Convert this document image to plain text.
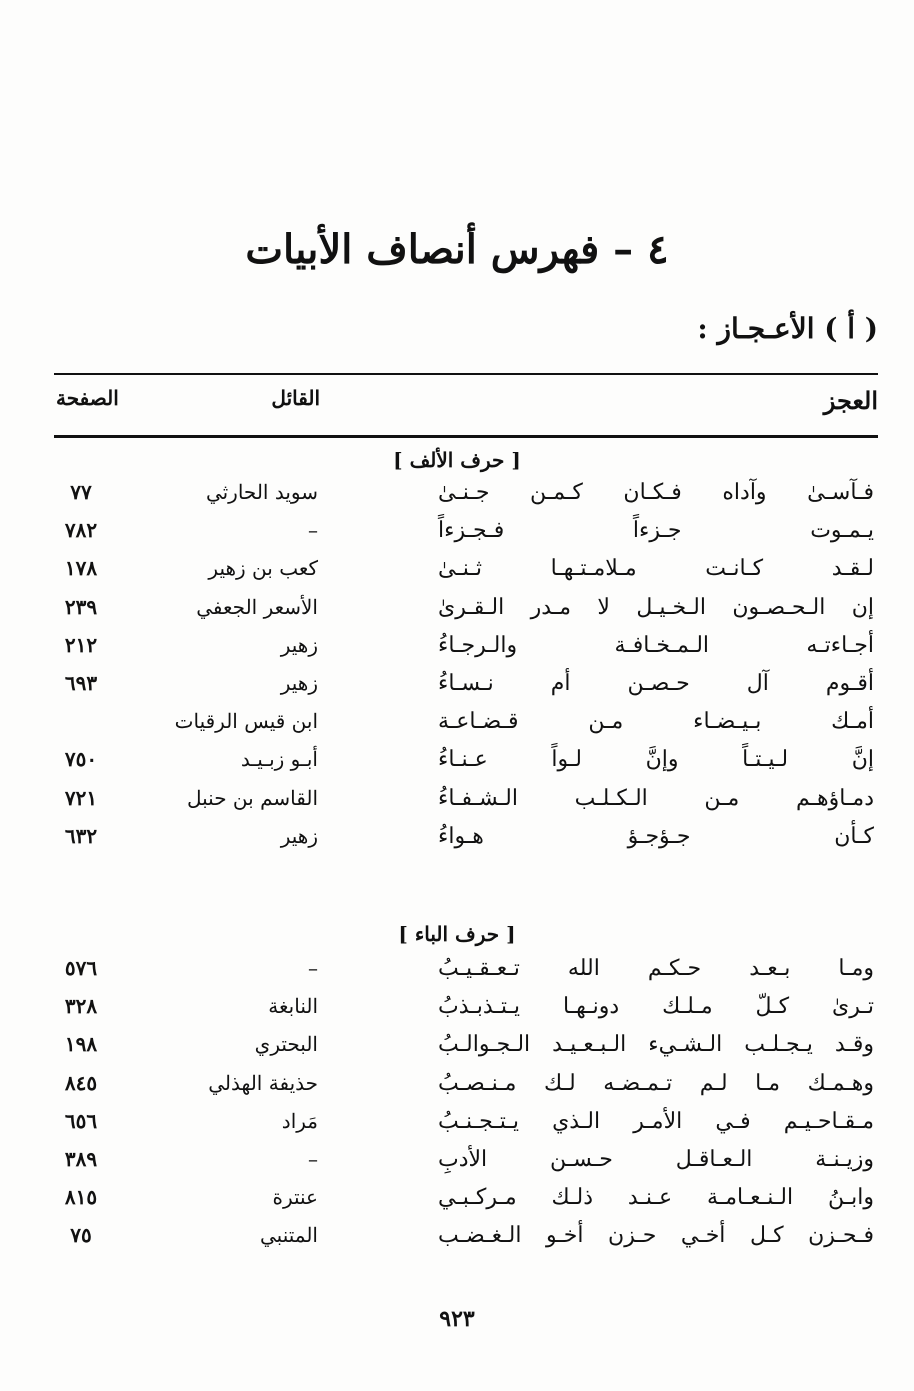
٤ – فهرس أنصاف الأبيات
( أ ) الأعـجـاز :
العجز
القائل
الصفحة
[ حرف الألف ]
فـآسـىٰ وآداه فـكـان كـمـن جـنـىٰ
سويد الحارثي
٧٧
يـمـوت جـزءاً فـجـزءاً
–
٧٨٢
لـقـد كـانـت مـلامـتـهـا ثـنـىٰ
كعب بن زهير
١٧٨
إن الـحـصـون الـخـيـل لا مـدر الـقـرىٰ
الأسعر الجعفي
٢٣٩
أجـاءتـه الـمـخـافـة والـرجـاءُ
زهير
٢١٢
أقـوم آل حـصـن أم نـسـاءُ
زهير
٦٩٣
أمـك بـيـضـاء مـن قـضـاعـة
ابن قيس الرقيات
إنَّ لـيـتـاً وإنَّ لـواً عـنـاءُ
أبـو زبـيـد
٧٥٠
دمـاؤهـم مـن الـكـلـب الـشـفـاءُ
القاسم بن حنبل
٧٢١
كـأن جـؤجـؤ هـواءُ
زهير
٦٣٢
[ حرف الباء ]
ومـا بـعـد حـكـم الله تـعـقـيـبُ
–
٥٧٦
تـرىٰ كـلّ مـلـك دونـهـا يـتـذبـذبُ
النابغة
٣٢٨
وقـد يـجـلـب الـشـيء الـبـعـيـد الـجـوالـبُ
البحتري
١٩٨
وهـمـك مـا لـم تـمـضـه لـك مـنـصـبُ
حذيفة الهذلي
٨٤٥
مـقـاحـيـم فـي الأمـر الـذي يـتـجـنـبُ
مَراد
٦٥٦
وزيـنـة الـعـاقـل حـسـن الأدبِ
–
٣٨٩
وابـنُ الـنـعـامـة عـنـد ذلـك مـركـبـي
عنترة
٨١٥
فـحـزن كـل أخـي حـزن أخـو الـغـضـب
المتنبي
٧٥
٩٢٣
